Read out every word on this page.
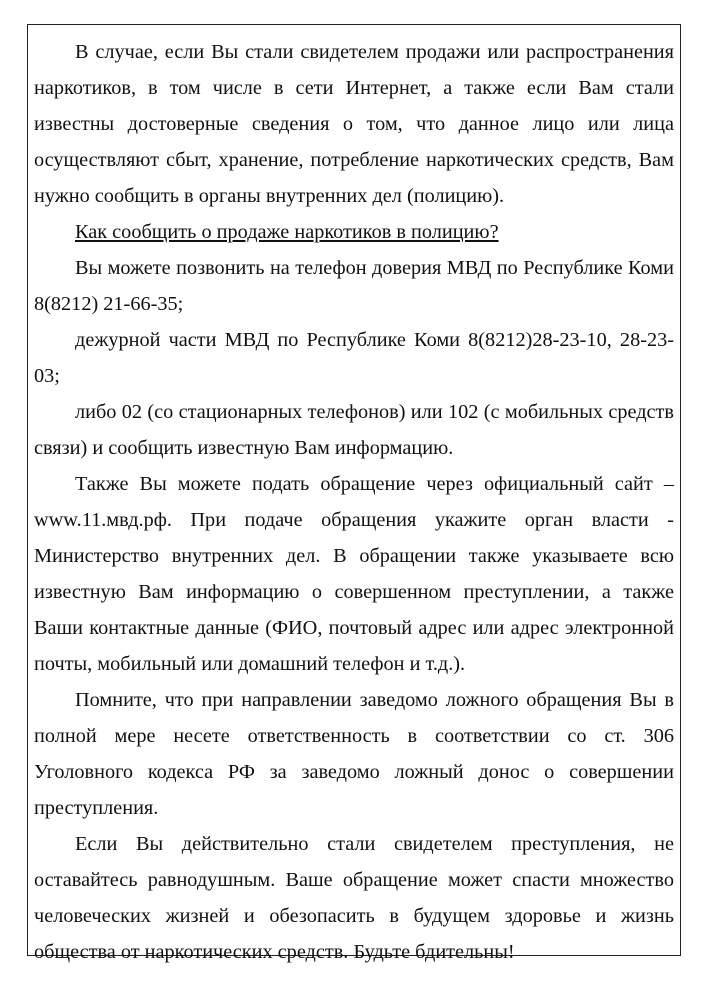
В случае, если Вы стали свидетелем продажи или распространения наркотиков, в том числе в сети Интернет, а также если Вам стали известны достоверные сведения о том, что данное лицо или лица осуществляют сбыт, хранение, потребление наркотических средств, Вам нужно сообщить в органы внутренних дел (полицию).

Как сообщить о продаже наркотиков в полицию?

Вы можете позвонить на телефон доверия МВД по Республике Коми 8(8212) 21-66-35;

дежурной части МВД по Республике Коми 8(8212)28-23-10, 28-23-03;

либо 02 (со стационарных телефонов) или 102 (с мобильных средств связи) и сообщить известную Вам информацию.

Также Вы можете подать обращение через официальный сайт – www.11.мвд.рф. При подаче обращения укажите орган власти - Министерство внутренних дел. В обращении также указываете всю известную Вам информацию о совершенном преступлении, а также Ваши контактные данные (ФИО, почтовый адрес или адрес электронной почты, мобильный или домашний телефон и т.д.).

Помните, что при направлении заведомо ложного обращения Вы в полной мере несете ответственность в соответствии со ст. 306 Уголовного кодекса РФ за заведомо ложный донос о совершении преступления.

Если Вы действительно стали свидетелем преступления, не оставайтесь равнодушным. Ваше обращение может спасти множество человеческих жизней и обезопасить в будущем здоровье и жизнь общества от наркотических средств. Будьте бдительны!
